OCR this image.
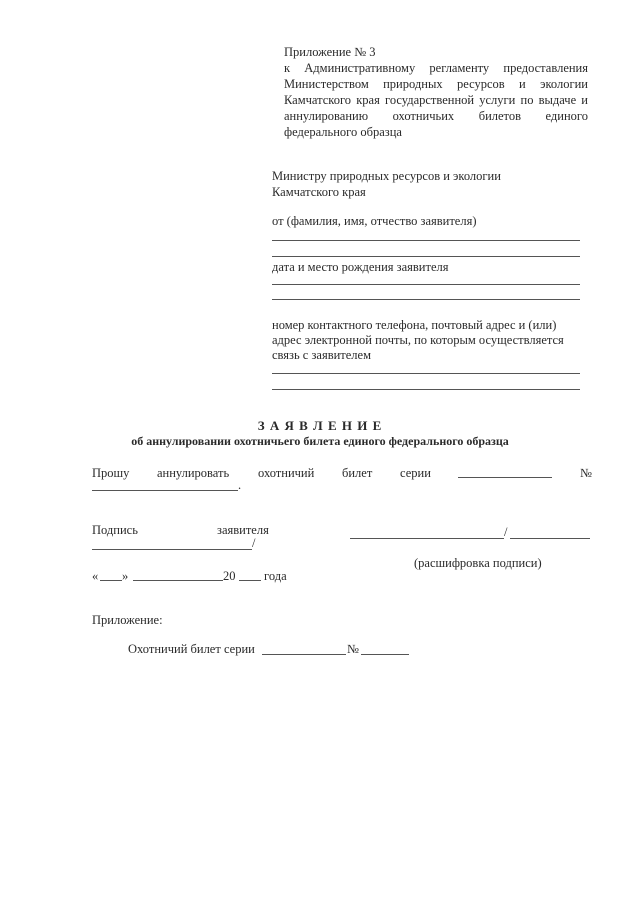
Приложение № 3
к Административному регламенту предоставления
Министерством природных ресурсов и экологии
Камчатского края государственной услуги по выдаче и
аннулированию охотничьих билетов единого
федерального образца
Министру природных ресурсов и экологии
Камчатского края
от (фамилия, имя, отчество заявителя)
дата и место рождения заявителя
номер контактного телефона, почтовый адрес и (или)
адрес электронной почты, по которым осуществляется
связь с заявителем
З А Я В Л Е Н И Е
об аннулировании охотничьего билета единого федерального образца
Прошу аннулировать охотничий билет серии	№
.
Подпись	заявителя
/
/
(расшифровка подписи)
« »	20 года
Приложение:
Охотничий билет серии	№
